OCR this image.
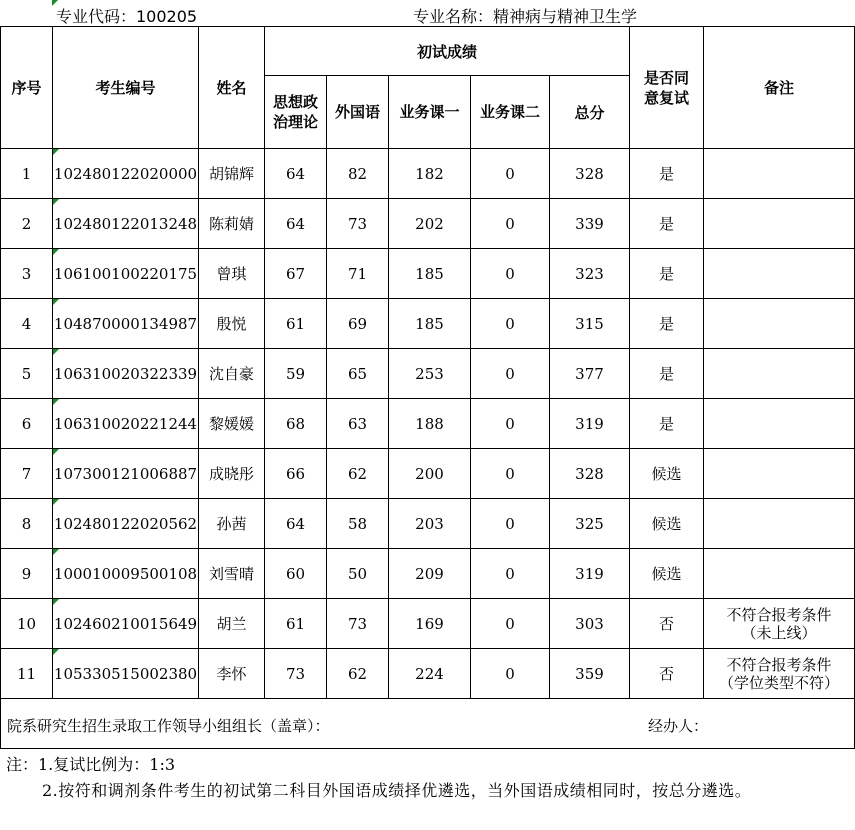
专业代码：100205	专业名称：精神病与精神卫生学
序号	考生编号	姓名	初试成绩					是否同意复试	备注

			思想政治理论	外国语	业务课一	业务课二	总分		
1	102480122020000	胡锦辉	64	82	182	0	328	是	

2	102480122013248	陈莉婧	64	73	202	0	339	是	

3	106100100220175	曾琪	67	71	185	0	323	是	

4	104870000134987	殷悦	61	69	185	0	315	是	

5	106310020322339	沈自豪	59	65	253	0	377	是	

6	106310020221244	黎媛媛	68	63	188	0	319	是	

7	107300121006887	成晓彤	66	62	200	0	328	候选	

8	102480122020562	孙茜	64	58	203	0	325	候选	

9	100010009500108	刘雪晴	60	50	209	0	319	候选	

10	102460210015649	胡兰	61	73	169	0	303	否	不符合报考条件
（未上线）

11	105330515002380	李怀	73	62	224	0	359	否	不符合报考条件
（学位类型不符）

院系研究生招生录取工作领导小组组长（盖章）： 经办人：									
注：1.复试比例为：1:3
2.按符和调剂条件考生的初试第二科目外国语成绩择优遴选，当外国语成绩相同时，按总分遴选。
